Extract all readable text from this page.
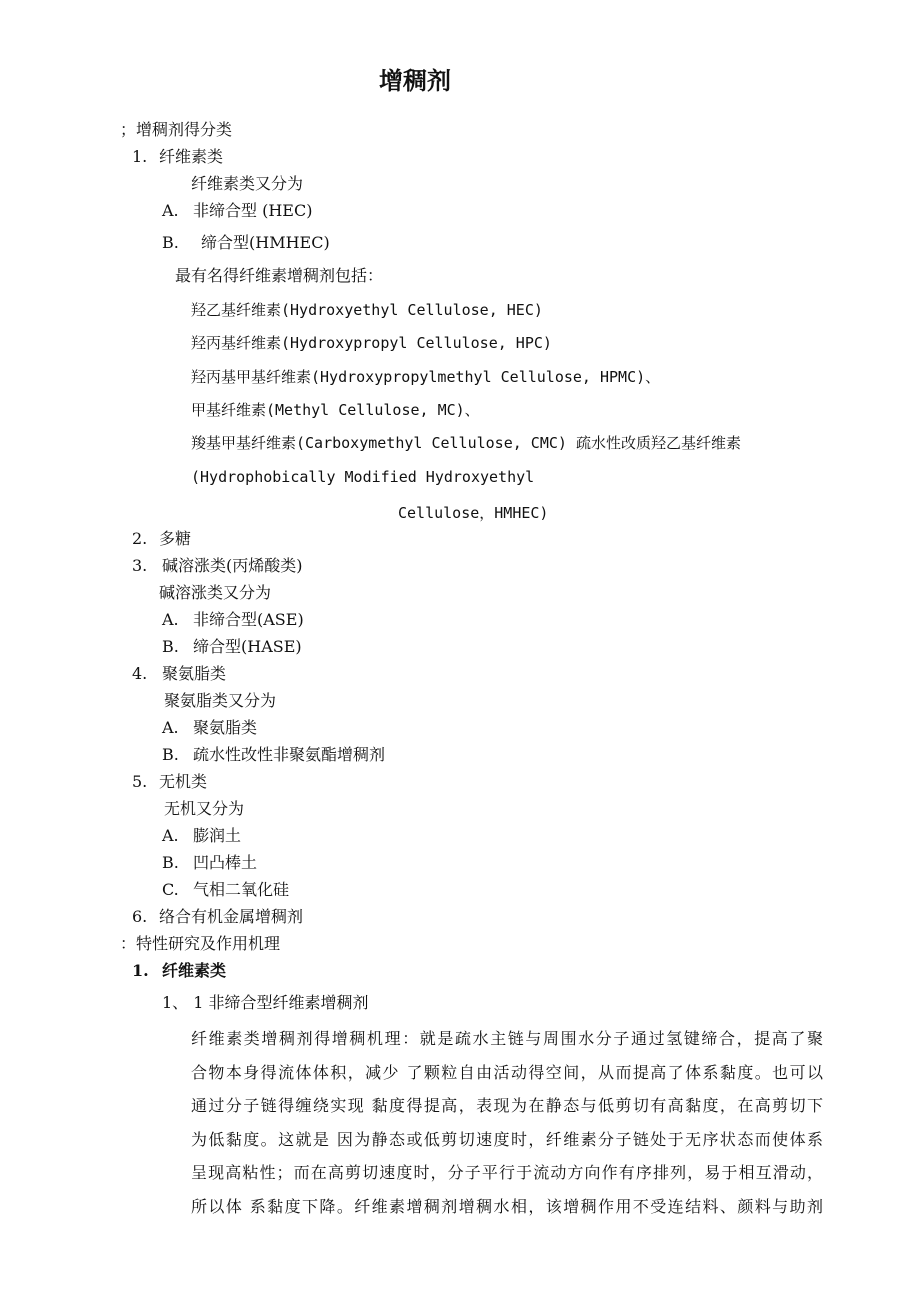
增稠剂
；增稠剂得分类
1. 纤维素类
纤维素类又分为
A. 非缔合型 (HEC)
B. 缔合型(HMHEC)
最有名得纤维素增稠剂包括：
羟乙基纤维素(Hydroxyethyl Cellulose, HEC)
羟丙基纤维素(Hydroxypropyl Cellulose, HPC)
羟丙基甲基纤维素(Hydroxypropylmethyl Cellulose, HPMC)、
甲基纤维素(Methyl Cellulose, MC)、
羧基甲基纤维素(Carboxymethyl Cellulose, CMC) 疏水性改质羟乙基纤维素
(Hydrophobically Modified Hydroxyethyl
Cellulose，HMHEC)
2. 多糖
3. 碱溶涨类(丙烯酸类)
碱溶涨类又分为
A. 非缔合型(ASE)
B. 缔合型(HASE)
4. 聚氨脂类
聚氨脂类又分为
A. 聚氨脂类
B. 疏水性改性非聚氨酯增稠剂
5. 无机类
无机又分为
A. 膨润土
B. 凹凸棒土
C. 气相二氧化硅
6. 络合有机金属增稠剂
：特性研究及作用机理
1. 纤维素类
1、 1 非缔合型纤维素增稠剂
纤维素类增稠剂得增稠机理：就是疏水主链与周围水分子通过氢键缔合，提高了聚
合物本身得流体体积，减少 了颗粒自由活动得空间，从而提高了体系黏度。也可以
通过分子链得缠绕实现 黏度得提高，表现为在静态与低剪切有高黏度，在高剪切下
为低黏度。这就是 因为静态或低剪切速度时，纤维素分子链处于无序状态而使体系
呈现高粘性；而在高剪切速度时，分子平行于流动方向作有序排列，易于相互滑动，
所以体 系黏度下降。纤维素增稠剂增稠水相，该增稠作用不受连结料、颜料与助剂
